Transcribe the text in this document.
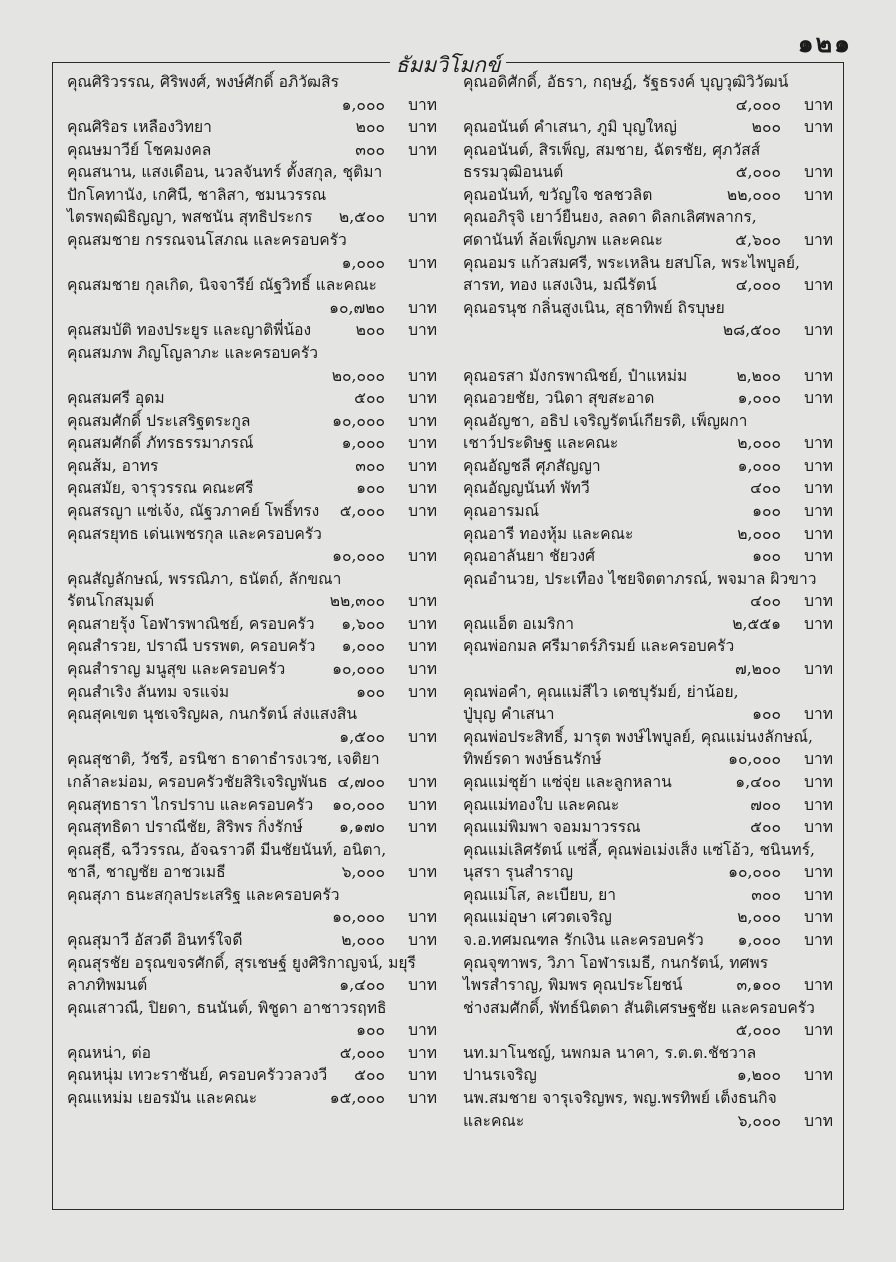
๑๒๑
ธัมมวิโมกข์
คุณศิริวรรณ, ศิริพงศ์, พงษ์ศักดิ์ อภิวัฒสิร
๑,๐๐๐ บาท
คุณศิริอร เหลืองวิทยา	๒๐๐ บาท
คุณษมาวีย์ โชคมงคล	๓๐๐ บาท
คุณสนาน, แสงเดือน, นวลจันทร์ ตั้งสกุล, ชุติมา
ปักโคทานัง, เกศินี, ชาลิสา, ชมนวรรณ
ไตรพฤฒิธิญญา, พสชนัน สุทธิประกร ๒,๕๐๐ บาท
คุณสมชาย กรรณจนโสภณ และครอบครัว
๑,๐๐๐ บาท
คุณสมชาย กุลเกิด, นิจจารีย์ ณัฐวิทธิ์ และคณะ
๑๐,๗๒๐ บาท
คุณสมบัติ ทองประยูร และญาติพี่น้อง	๒๐๐ บาท
คุณสมภพ ภิญโญลาภะ และครอบครัว
๒๐,๐๐๐ บาท
คุณสมศรี อุดม	๕๐๐ บาท
คุณสมศักดิ์ ประเสริฐตระกูล	๑๐,๐๐๐ บาท
คุณสมศักดิ์ ภัทรธรรมาภรณ์	๑,๐๐๐ บาท
คุณส้ม, อาทร	๓๐๐ บาท
คุณสมัย, จารุวรรณ คณะศรี	๑๐๐ บาท
คุณสรญา แซ่เจ้ง, ณัฐวภาคย์ โพธิ์ทรง ๕,๐๐๐ บาท
คุณสรยุทธ เด่นเพชรกุล และครอบครัว
๑๐,๐๐๐ บาท
คุณสัญลักษณ์, พรรณิภา, ธนัตถ์, ลักขณา
รัตนโกสมุมต์	๒๒,๓๐๐ บาท
คุณสายรุ้ง โอฬารพาณิชย์, ครอบครัว ๑,๖๐๐ บาท
คุณสำรวย, ปราณี บรรพต, ครอบครัว ๑,๐๐๐ บาท
คุณสำราญ มนูสุข และครอบครัว	๑๐,๐๐๐ บาท
คุณสำเริง ลันทม จรแจ่ม	๑๐๐ บาท
คุณสุคเขต นุชเจริญผล, กนกรัตน์ ส่งแสงสิน
๑,๕๐๐ บาท
คุณสุชาติ, วัชรี, อรนิชา ธาดาธำรงเวช, เจติยา
เกล้าละม่อม, ครอบครัวชัยสิริเจริญพันธ ๔,๗๐๐ บาท
คุณสุทธารา ไกรปราบ และครอบครัว ๑๐,๐๐๐ บาท
คุณสุทธิดา ปราณีชัย, สิริพร กิ่งรักษ์ ๑,๑๗๐ บาท
คุณสุธี, ฉวีวรรณ, อัจฉราวดี มีนชัยนันท์, อนิตา,
ชาลี, ชาญชัย อาชวเมธี	๖,๐๐๐ บาท
คุณสุภา ธนะสกุลประเสริฐ และครอบครัว
๑๐,๐๐๐ บาท
คุณสุมาวี อัสวดี อินทร์ใจดี	๒,๐๐๐ บาท
คุณสุรชัย อรุณขจรศักดิ์, สุรเชษฐ์ ยูงศิริกาญจน์, มยุรี
ลาภทิพมนต์	๑,๔๐๐ บาท
คุณเสาวณี, ปิยดา, ธนนันต์, พิชูดา อาชาวรฤทธิ
๑๐๐ บาท
คุณหน่า, ต่อ	๕,๐๐๐ บาท
คุณหนุ่ม เทวะราชันย์, ครอบครัววลวงวี ๕๐๐ บาท
คุณแหม่ม เยอรมัน และคณะ	๑๕,๐๐๐ บาท
คุณอดิศักดิ์, อัธรา, กฤษฎ์, รัฐธรงค์ บุญวุฒิวิวัฒน์
๔,๐๐๐ บาท
คุณอนันต์ คำเสนา, ภูมิ บุญใหญ่	๒๐๐ บาท
คุณอนันต์, สิรเพ็ญ, สมชาย, ฉัตรชัย, ศุภวัสส์
ธรรมวุฒิอนนต์	๕,๐๐๐ บาท
คุณอนันท์, ขวัญใจ ชลชวลิต	๒๒,๐๐๐ บาท
คุณอภิรุจิ เยาว์ยืนยง, ลลดา ดิลกเลิศพลากร,
ศดานันท์ ล้อเพ็ญภพ และคณะ	๕,๖๐๐ บาท
คุณอมร แก้วสมศรี, พระเหลิน ยสปโล, พระไพบูลย์,
สารท, ทอง แสงเงิน, มณีรัตน์	๔,๐๐๐ บาท
คุณอรนุช กลิ่นสูงเนิน, สุธาทิพย์ ถิรบุษย
๒๘,๕๐๐ บาท
คุณอรสา มังกรพาณิชย์, ป๋าแหม่ม	๒,๒๐๐ บาท
คุณอวยชัย, วนิดา สุขสะอาด	๑,๐๐๐ บาท
คุณอัญชา, อธิป เจริญรัตน์เกียรติ, เพ็ญผกา
เชาว์ประดิษฐ และคณะ	๒,๐๐๐ บาท
คุณอัญชลี ศุภสัญญา	๑,๐๐๐ บาท
คุณอัญญนันท์ พัทวี	๔๐๐ บาท
คุณอารมณ์	๑๐๐ บาท
คุณอารี ทองหุ้ม และคณะ	๒,๐๐๐ บาท
คุณอาลันยา ชัยวงศ์	๑๐๐ บาท
คุณอำนวย, ประเทือง ไชยจิตตาภรณ์, พจมาล ผิวขาว
๔๐๐ บาท
คุณแอ็ต อเมริกา	๒,๕๕๑ บาท
คุณพ่อกมล ศรีมาตร์ภิรมย์ และครอบครัว
๗,๒๐๐ บาท
คุณพ่อคำ, คุณแม่สีไว เดชบุรัมย์, ย่าน้อย,
ปู่บุญ คำเสนา	๑๐๐ บาท
คุณพ่อประสิทธิ์, มารุต พงษ์ไพบูลย์, คุณแม่นงลักษณ์,
ทิพย์รดา พงษ์ธนรักษ์	๑๐,๐๐๐ บาท
คุณแม่ชุย้า แซ่จุ่ย และลูกหลาน	๑,๔๐๐ บาท
คุณแม่ทองใบ และคณะ	๗๐๐ บาท
คุณแม่พิมพา จอมมาวรรณ	๕๐๐ บาท
คุณแม่เลิศรัตน์ แซ่ลี้, คุณพ่อเม่งเส็ง แซ่โอ้ว, ชนินทร์,
นุสรา รุนสำราญ	๑๐,๐๐๐ บาท
คุณแม่โส, ละเบียบ, ยา	๓๐๐ บาท
คุณแม่อุษา เศวตเจริญ	๒,๐๐๐ บาท
จ.อ.ทศมณฑล รักเงิน และครอบครัว ๑,๐๐๐ บาท
คุณจุฑาพร, วิภา โอฬารเมธี, กนกรัตน์, ทศพร
ไพรสำราญ, พิมพร คุณประโยชน์	๓,๑๐๐ บาท
ช่างสมศักดิ์, พัทธ์นิตดา สันติเศรษฐชัย และครอบครัว
๕,๐๐๐ บาท
นท.มาโนชญ์, นพกมล นาคา, ร.ต.ต.ชัชวาล
ปานรเจริญ	๑,๒๐๐ บาท
นพ.สมชาย จารุเจริญพร, พญ.พรทิพย์ เต็งธนกิจ
และคณะ	๖,๐๐๐ บาท
